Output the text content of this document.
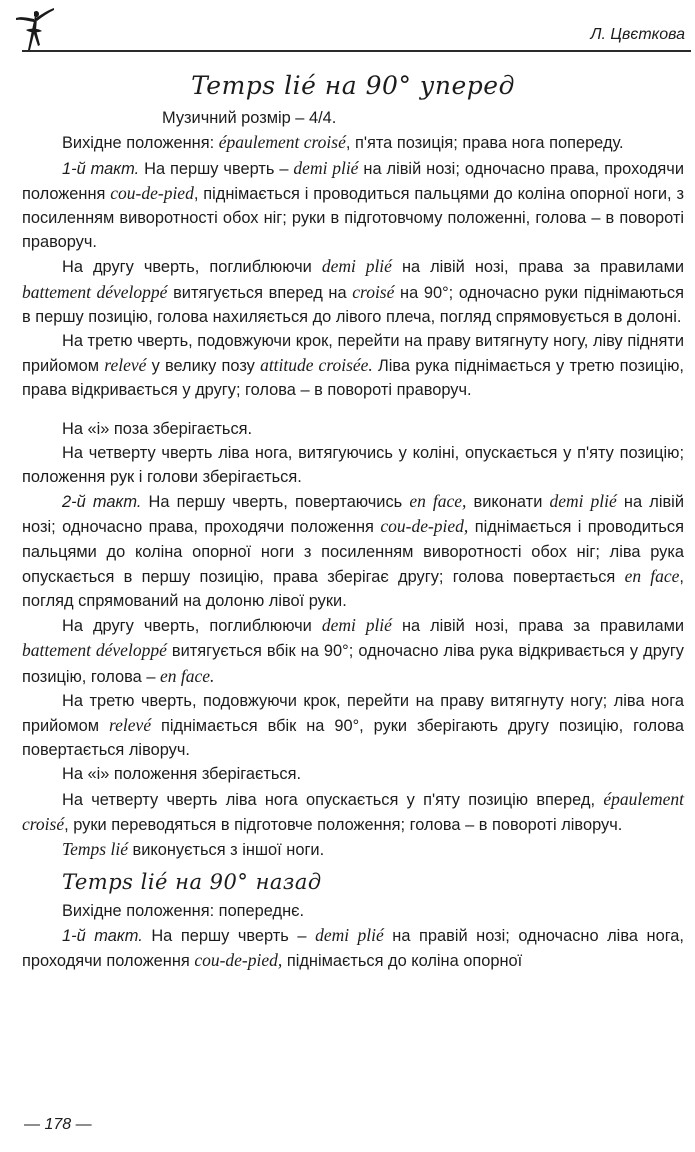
Л. Цвєткова
Temps lié на 90° уперед

Музичний розмір – 4/4.

Вихідне положення: épaulement croisé, п'ята позиція; права нога попереду.

1-й такт. На першу чверть – demi plié на лівій нозі; одночасно права, проходячи положення cou-de-pied, піднімається і проводиться пальцями до коліна опорної ноги, з посиленням виворотності обох ніг; руки в підготовчому положенні, голова – в повороті праворуч.

На другу чверть, поглиблюючи demi plié на лівій нозі, права за правилами battement développé витягується вперед на croisé на 90°; одночасно руки піднімаються в першу позицію, голова нахиляється до лівого плеча, погляд спрямовується в долоні.

На третю чверть, подовжуючи крок, перейти на праву витягнуту ногу, ліву підняти прийомом relevé у велику позу attitude croisée. Ліва рука піднімається у третю позицію, права відкривається у другу; голова – в повороті праворуч.

На «і» поза зберігається.

На четверту чверть ліва нога, витягуючись у коліні, опускається у п'яту позицію; положення рук і голови зберігається.

2-й такт. На першу чверть, повертаючись en face, виконати demi plié на лівій нозі; одночасно права, проходячи положення cou-de-pied, піднімається і проводиться пальцями до коліна опорної ноги з посиленням виворотності обох ніг; ліва рука опускається в першу позицію, права зберігає другу; голова повертається en face, погляд спрямований на долоню лівої руки.

На другу чверть, поглиблюючи demi plié на лівій нозі, права за правилами battement développé витягується вбік на 90°; одночасно ліва рука відкривається у другу позицію, голова – en face.

На третю чверть, подовжуючи крок, перейти на праву витягнуту ногу; ліва нога прийомом relevé піднімається вбік на 90°, руки зберігають другу позицію, голова повертається ліворуч.

На «і» положення зберігається.

На четверту чверть ліва нога опускається у п'яту позицію вперед, épaulement croisé, руки переводяться в підготовче положення; голова – в повороті ліворуч.

Temps lié виконується з іншої ноги.

Temps lié на 90° назад

Вихідне положення: попереднє.

1-й такт. На першу чверть – demi plié на правій нозі; одночасно ліва нога, проходячи положення cou-de-pied, піднімається до коліна опорної

— 178 —
